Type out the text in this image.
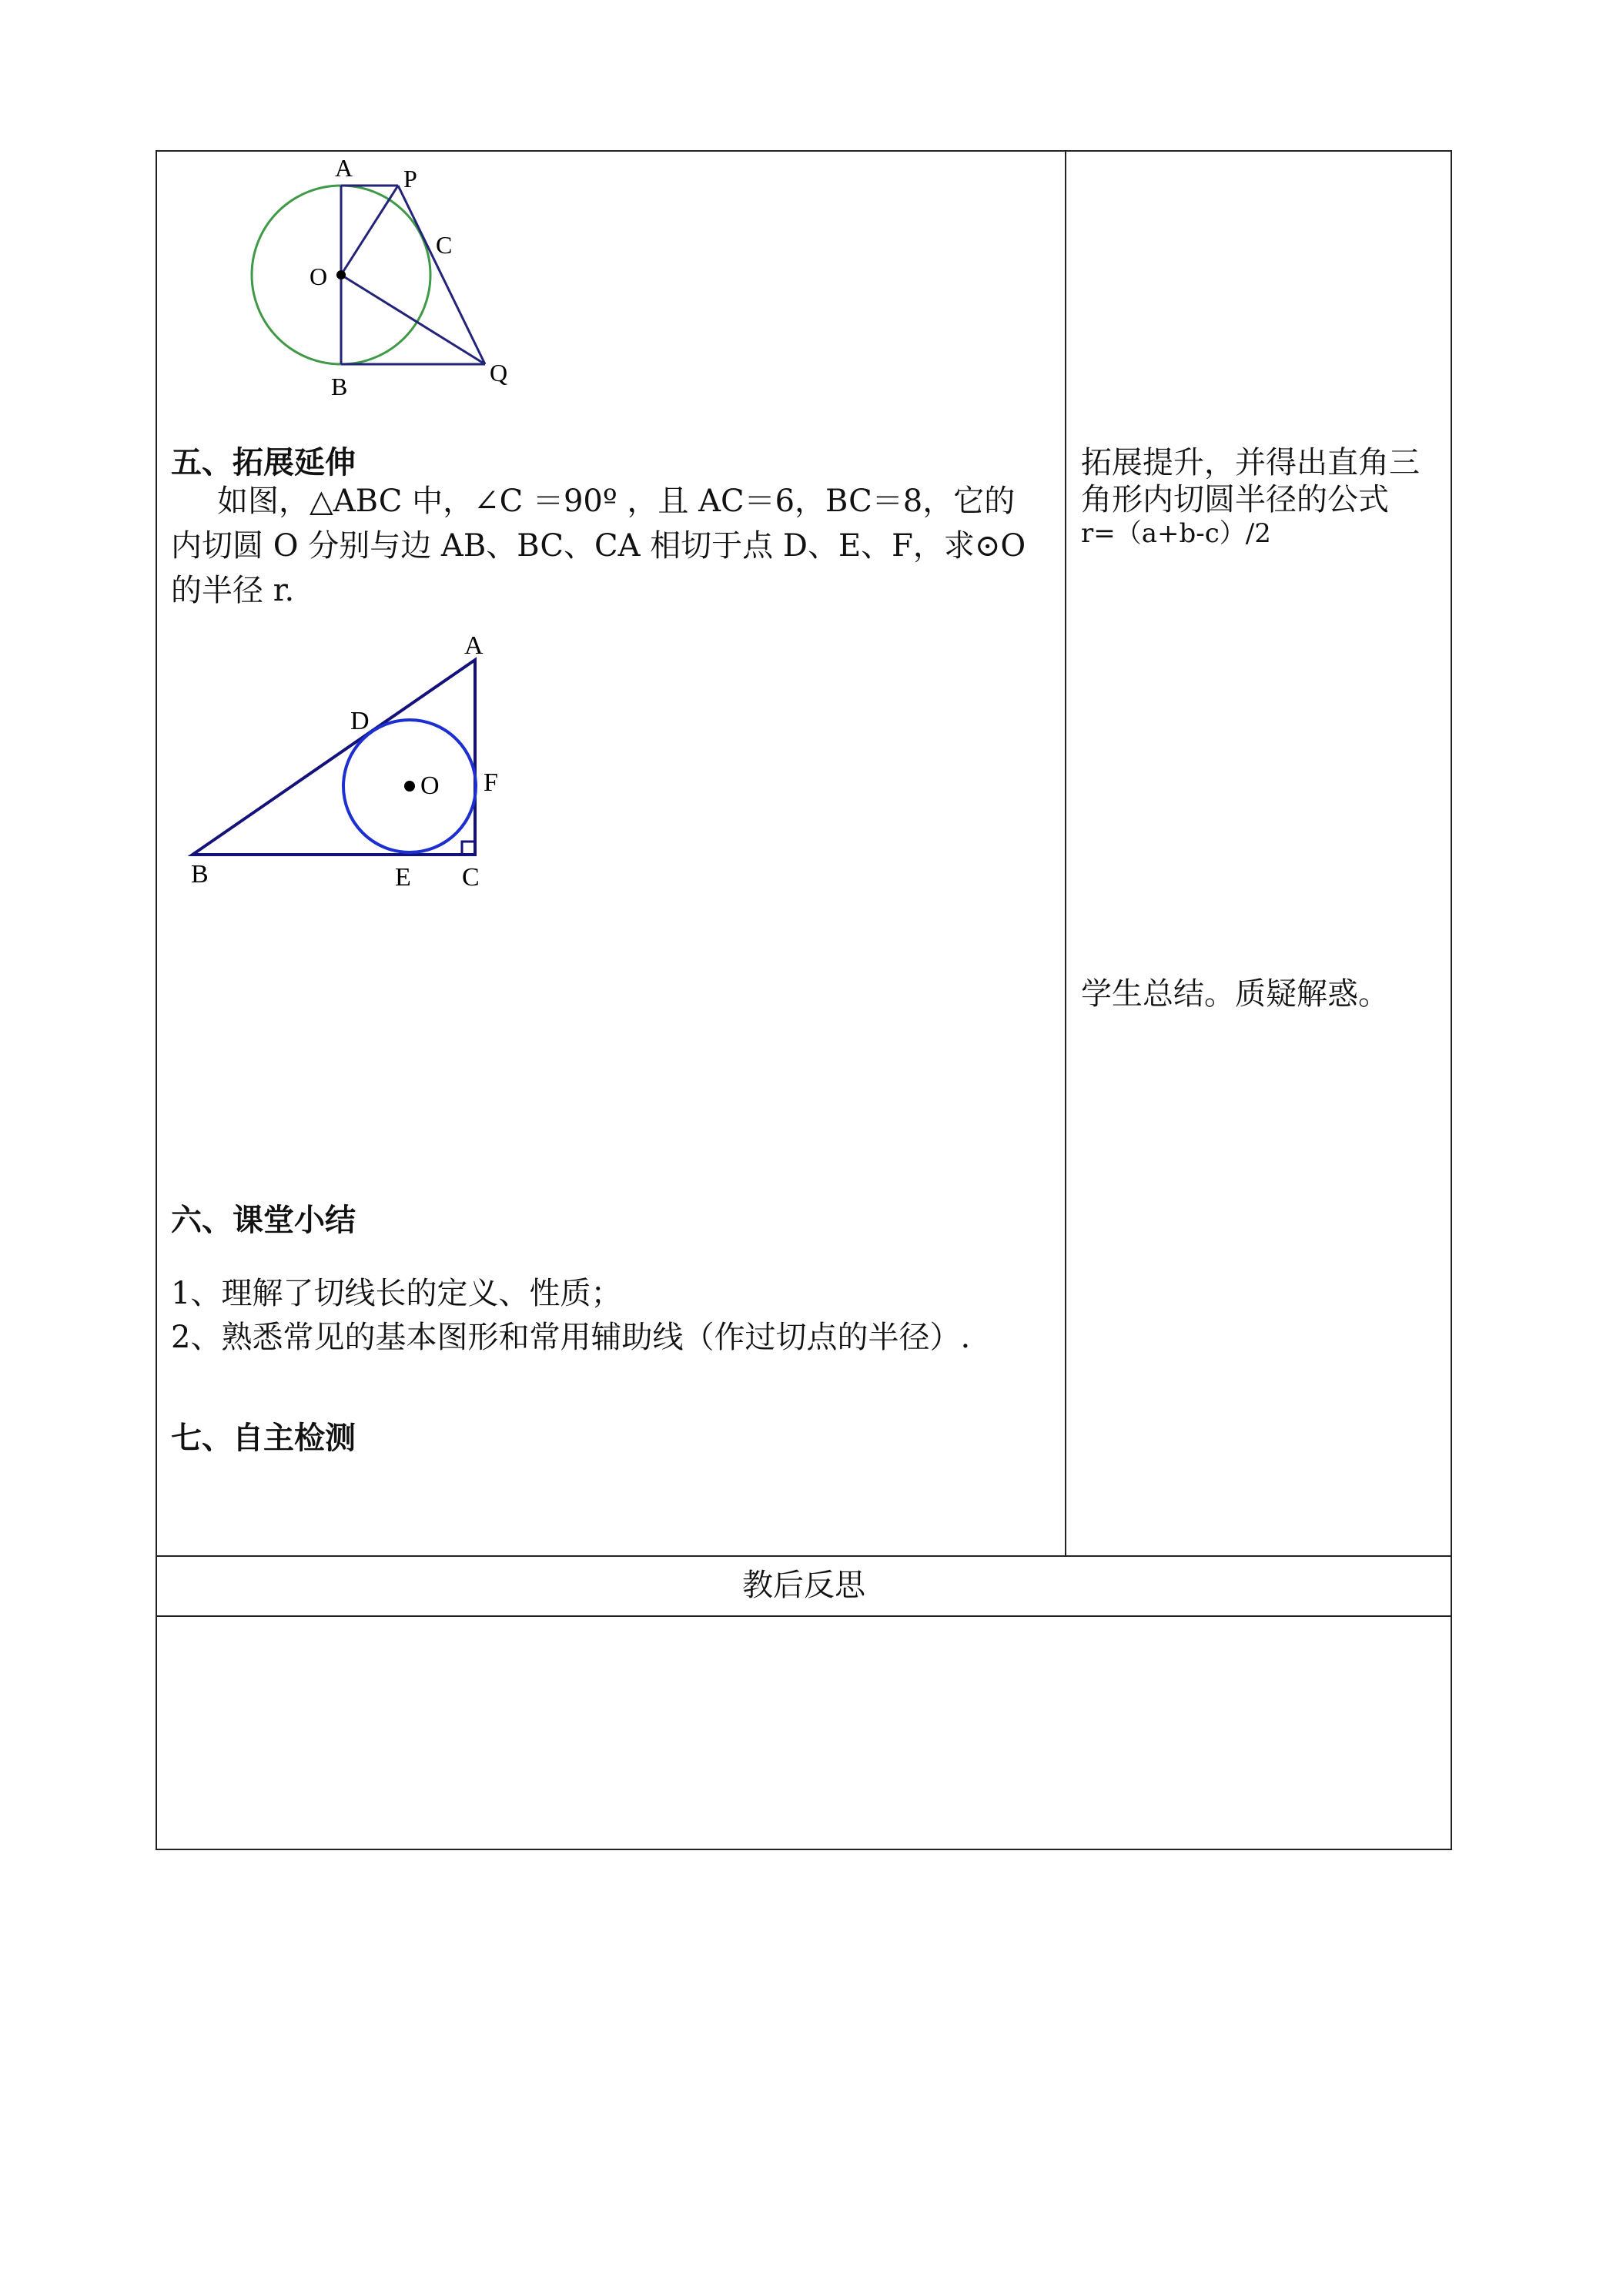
A P
C
O
B	Q
五、拓展延伸
如图，△ABC 中，∠C ＝90º ，且 AC＝6，BC＝8，它的
内切圆 O 分别与边 AB、BC、CA 相切于点 D、E、F，求⊙O
的半径 r.
A
D
O F
B	E C
拓展提升，并得出直角三
角形内切圆半径的公式
r=（a+b-c）/2
学生总结。质疑解惑。
六、课堂小结
1、理解了切线长的定义、性质；
2、熟悉常见的基本图形和常用辅助线（作过切点的半径）.
七、自主检测
教后反思
